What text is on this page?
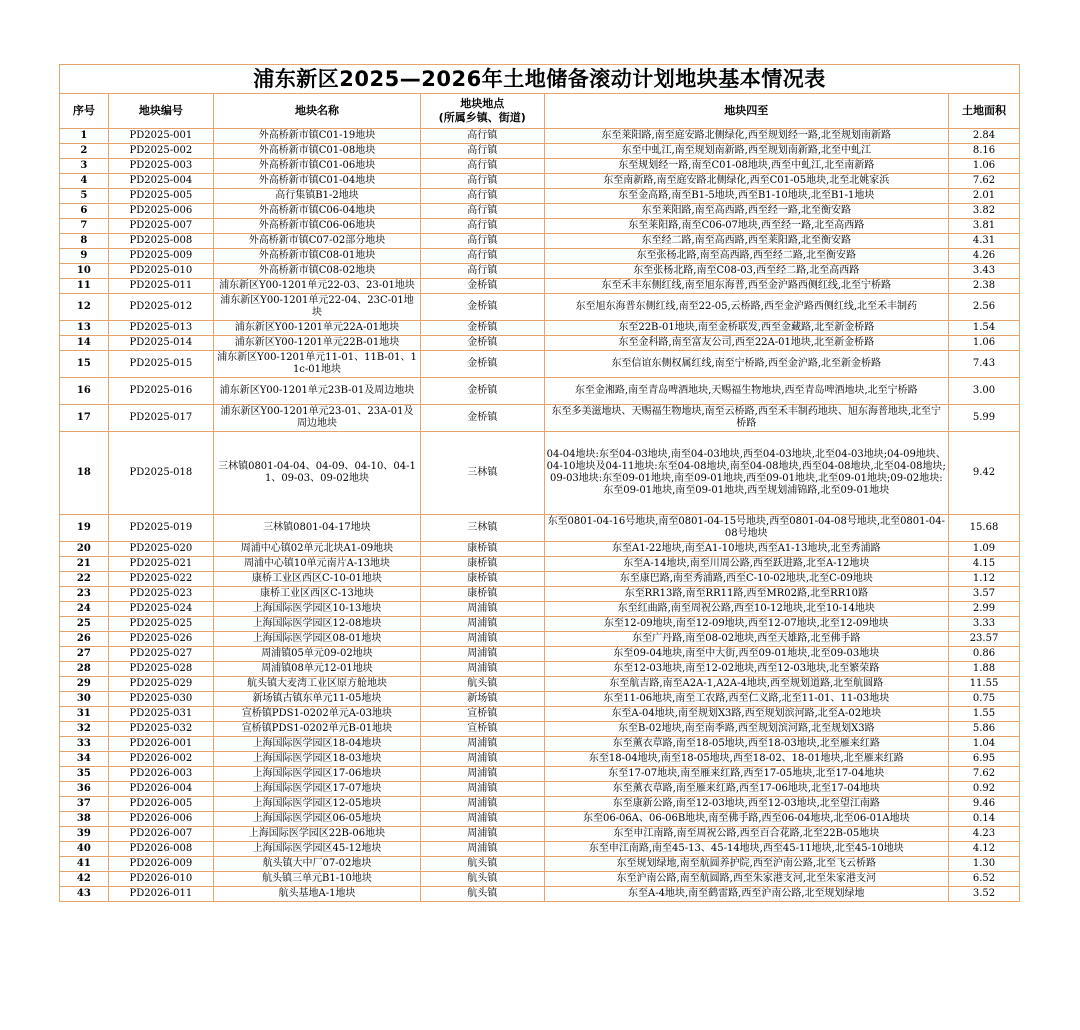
浦东新区2025—2026年土地储备滚动计划地块基本情况表					
序号	地块编号	地块名称	地块地点
(所属乡镇、街道)	地块四至	土地面积
1	PD2025-001	外高桥新市镇C01-19地块	高行镇	东至莱阳路,南至庭安路北侧绿化,西至规划经一路,北至规划南新路	2.84
2	PD2025-002	外高桥新市镇C01-08地块	高行镇	东至中虬江,南至规划南新路,西至规划南新路,北至中虬江	8.16
3	PD2025-003	外高桥新市镇C01-06地块	高行镇	东至规划经一路,南至C01-08地块,西至中虬江,北至南新路	1.06
4	PD2025-004	外高桥新市镇C01-04地块	高行镇	东至南新路,南至庭安路北侧绿化,西至C01-05地块,北至北姚家浜	7.62
5	PD2025-005	高行集镇B1-2地块	高行镇	东至金高路,南至B1-5地块,西至B1-10地块,北至B1-1地块	2.01
6	PD2025-006	外高桥新市镇C06-04地块	高行镇	东至莱阳路,南至高西路,西至经一路,北至衡安路	3.82
7	PD2025-007	外高桥新市镇C06-06地块	高行镇	东至莱阳路,南至C06-07地块,西至经一路,北至高西路	3.81
8	PD2025-008	外高桥新市镇C07-02部分地块	高行镇	东至经二路,南至高西路,西至莱阳路,北至衡安路	4.31
9	PD2025-009	外高桥新市镇C08-01地块	高行镇	东至张杨北路,南至高西路,西至经二路,北至衡安路	4.26
10	PD2025-010	外高桥新市镇C08-02地块	高行镇	东至张杨北路,南至C08-03,西至经二路,北至高西路	3.43
11	PD2025-011	浦东新区Y00-1201单元22-03、23-01地块	金桥镇	东至禾丰东侧红线,南至旭东海普,西至金沪路西侧红线,北至宁桥路	2.38
12	PD2025-012	浦东新区Y00-1201单元22-04、23C-01地块	金桥镇	东至旭东海普东侧红线,南至22-05,云桥路,西至金沪路西侧红线,北至禾丰制药	2.56
13	PD2025-013	浦东新区Y00-1201单元22A-01地块	金桥镇	东至22B-01地块,南至金桥联发,西至金藏路,北至新金桥路	1.54
14	PD2025-014	浦东新区Y00-1201单元22B-01地块	金桥镇	东至金科路,南至富友公司,西至22A-01地块,北至新金桥路	1.06
15	PD2025-015	浦东新区Y00-1201单元11-01、11B-01、11c-01地块	金桥镇	东至信谊东侧权属红线,南至宁桥路,西至金沪路,北至新金桥路	7.43
16	PD2025-016	浦东新区Y00-1201单元23B-01及周边地块	金桥镇	东至金湘路,南至青岛啤酒地块,天赐福生物地块,西至青岛啤酒地块,北至宁桥路	3.00
17	PD2025-017	浦东新区Y00-1201单元23-01、23A-01及周边地块	金桥镇	东至多美滋地块、天赐福生物地块,南至云桥路,西至禾丰制药地块、旭东海普地块,北至宁桥路	5.99
18	PD2025-018	三林镇0801-04-04、04-09、04-10、04-11、09-03、09-02地块	三林镇	04-04地块:东至04-03地块,南至04-03地块,西至04-03地块,北至04-03地块;04-09地块、04-10地块及04-11地块:东至04-08地块,南至04-08地块,西至04-08地块,北至04-08地块;09-03地块:东至09-01地块,南至09-01地块,西至09-01地块,北至09-01地块;09-02地块:东至09-01地块,南至09-01地块,西至规划浦锦路,北至09-01地块	9.42
19	PD2025-019	三林镇0801-04-17地块	三林镇	东至0801-04-16号地块,南至0801-04-15号地块,西至0801-04-08号地块,北至0801-04-08号地块	15.68
20	PD2025-020	周浦中心镇02单元北块A1-09地块	康桥镇	东至A1-22地块,南至A1-10地块,西至A1-13地块,北至秀浦路	1.09
21	PD2025-021	周浦中心镇10单元南片A-13地块	康桥镇	东至A-14地块,南至川周公路,西至跃进路,北至A-12地块	4.15
22	PD2025-022	康桥工业区西区C-10-01地块	康桥镇	东至康巴路,南至秀浦路,西至C-10-02地块,北至C-09地块	1.12
23	PD2025-023	康桥工业区西区C-13地块	康桥镇	东至RR13路,南至RR11路,西至MR02路,北至RR10路	3.57
24	PD2025-024	上海国际医学园区10-13地块	周浦镇	东至红曲路,南至周祝公路,西至10-12地块,北至10-14地块	2.99
25	PD2025-025	上海国际医学园区12-08地块	周浦镇	东至12-09地块,南至12-09地块,西至12-07地块,北至12-09地块	3.33
26	PD2025-026	上海国际医学园区08-01地块	周浦镇	东至广丹路,南至08-02地块,西至天雄路,北至佛手路	23.57
27	PD2025-027	周浦镇05单元09-02地块	周浦镇	东至09-04地块,南至中大街,西至09-01地块,北至09-03地块	0.86
28	PD2025-028	周浦镇08单元12-01地块	周浦镇	东至12-03地块,南至12-02地块,西至12-03地块,北至繁荣路	1.88
29	PD2025-029	航头镇大麦湾工业区原方舱地块	航头镇	东至航吉路,南至A2A-1,A2A-4地块,西至规划道路,北至航圆路	11.55
30	PD2025-030	新场镇古镇东单元11-05地块	新场镇	东至11-06地块,南至工农路,西至仁义路,北至11-01、11-03地块	0.75
31	PD2025-031	宣桥镇PDS1-0202单元A-03地块	宣桥镇	东至A-04地块,南至规划X3路,西至规划滨河路,北至A-02地块	1.55
32	PD2025-032	宣桥镇PDS1-0202单元B-01地块	宣桥镇	东至B-02地块,南至南季路,西至规划滨河路,北至规划X3路	5.86
33	PD2026-001	上海国际医学园区18-04地块	周浦镇	东至薰衣草路,南至18-05地块,西至18-03地块,北至雁来红路	1.04
34	PD2026-002	上海国际医学园区18-03地块	周浦镇	东至18-04地块,南至18-05地块,西至18-02、18-01地块,北至雁来红路	6.95
35	PD2026-003	上海国际医学园区17-06地块	周浦镇	东至17-07地块,南至雁来红路,西至17-05地块,北至17-04地块	7.62
36	PD2026-004	上海国际医学园区17-07地块	周浦镇	东至薰衣草路,南至雁来红路,西至17-06地块,北至17-04地块	0.92
37	PD2026-005	上海国际医学园区12-05地块	周浦镇	东至康新公路,南至12-03地块,西至12-03地块,北至望江南路	9.46
38	PD2026-006	上海国际医学园区06-05地块	周浦镇	东至06-06A、06-06B地块,南至佛手路,西至06-04地块,北至06-01A地块	0.14
39	PD2026-007	上海国际医学园区22B-06地块	周浦镇	东至申江南路,南至周祝公路,西至百合花路,北至22B-05地块	4.23
40	PD2026-008	上海国际医学园区45-12地块	周浦镇	东至申江南路,南至45-13、45-14地块,西至45-11地块,北至45-10地块	4.12
41	PD2026-009	航头镇大中厂07-02地块	航头镇	东至规划绿地,南至航圆养护院,西至沪南公路,北至飞云桥路	1.30
42	PD2026-010	航头镇三单元B1-10地块	航头镇	东至沪南公路,南至航圆路,西至朱家港支河,北至朱家港支河	6.52
43	PD2026-011	航头基地A-1地块	航头镇	东至A-4地块,南至鹤雷路,西至沪南公路,北至规划绿地	3.52
